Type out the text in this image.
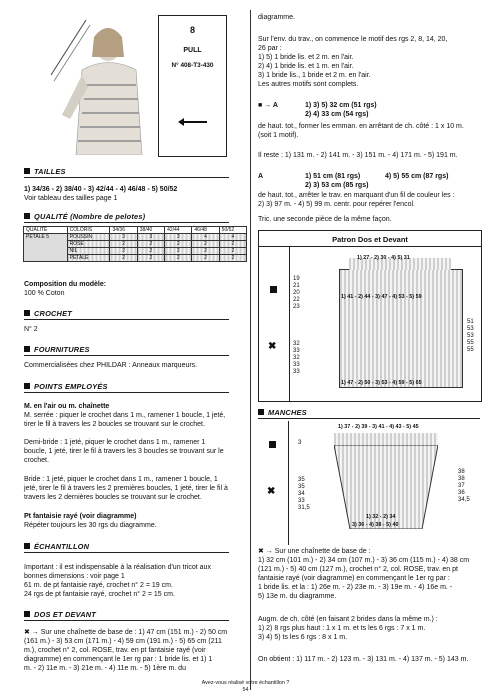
8
PULL
N° 408-T3-430
TAILLES
1) 34/36 - 2) 38/40 - 3) 42/44 - 4) 46/48 - 5) 50/52
Voir tableau des tailles page 1
QUALITÉ (Nombre de pelotes)
QUALITÉ	COLORIS	34/36	38/40	42/44	46/48	50/52
PETALE 5	POUSSIN	3	3	3	4	4
	ROSE	2	2	2	2	2
	NIL	2	2	2	2	2
	PÉTALE	2	2	2	2	2
Composition du modèle:
100 % Coton
CROCHET
N° 2
FOURNITURES
Commercialisées chez PHILDAR : Anneaux marqueurs.
POINTS EMPLOYÉS
M. en l'air ou m. chaînette
M. serrée : piquer le crochet dans 1 m., ramener 1 boucle, 1 jeté,
tirer le fil à travers les 2 boucles se trouvant sur le crochet.
Demi-bride : 1 jeté, piquer le crochet dans 1 m., ramener 1
boucle, 1 jeté, tirer le fil à travers les 3 boucles se trouvant sur le
crochet.
Bride : 1 jeté, piquer le crochet dans 1 m., ramener 1 boucle, 1
jeté, tirer le fil à travers les 2 premières boucles, 1 jeté, tirer le fil à
travers les 2 dernières boucles se trouvant sur le crochet.
Pt fantaisie rayé (voir diagramme)
Répéter toujours les 30 rgs du diagramme.
ÉCHANTILLON
Important : il est indispensable à la réalisation d'un tricot aux
bonnes dimensions : voir page 1
61 m. de pt fantaisie rayé, crochet n° 2 = 19 cm.
24 rgs de pt fantaisie rayé, crochet n° 2 = 15 cm.
DOS ET DEVANT
✖ → Sur une chaînette de base de : 1) 47 cm (151 m.) - 2) 50 cm
(161 m.) - 3) 53 cm (171 m.) - 4) 59 cm (191 m.) - 5) 65 cm (211
m.), crochet n° 2, col. ROSE, trav. en pt fantaisie rayé (voir
diagramme) en commençant le 1er rg par : 1 bride lis. et 1) 1
m. - 2) 11e m. - 3) 21e m. - 4) 11e m. - 5) 1ère m. du
diagramme.
Sur l'env. du trav., on commence le motif des rgs 2, 8, 14, 20,
26 par :
1) 5) 1 bride lis. et 2 m. en l'air.
2) 4) 1 bride lis. et 1 m. en l'air.
3) 1 bride lis., 1 bride et 2 m. en l'air.
Les autres motifs sont complets.
■ → A	1) 3) 5) 32 cm (51 rgs)
2) 4) 33 cm (54 rgs)
de haut. tot., former les emman. en arrêtant de ch. côté : 1 x 10 m.
(soit 1 motif).
Il reste : 1) 131 m. - 2) 141 m. - 3) 151 m. - 4) 171 m. - 5) 191 m.
A	1) 51 cm (81 rgs)	4) 5) 55 cm (87 rgs)
2) 3) 53 cm (85 rgs)
de haut. tot., arrêter le trav. en marquant d'un fil de couleur les :
2) 3) 97 m. - 4) 5) 99 m. centr. pour repérer l'encol.
Tric. une seconde pièce de la même façon.
Patron Dos et Devant
✖
1) 27 - 2) 30 - 4) 5) 31
1) 41 - 2) 44 - 3) 47 - 4) 53 - 5) 59
1) 47 - 2) 50 - 3) 53 - 4) 59 - 5) 65
19
21
20
22
23
32
33
32
33
33
51
53
53
55
55
MANCHES
✖
1) 37 - 2) 39 - 3) 41 - 4) 43 - 5) 45
3
35
35
34
33
31,5
38
38
37
36
34,5
1) 32 - 2) 34
3) 36 - 4) 38 - 5) 40
✖ → Sur une chaînette de base de :
1) 32 cm (101 m.) - 2) 34 cm (107 m.) - 3) 36 cm (115 m.) - 4) 38 cm
(121 m.) - 5) 40 cm (127 m.), crochet n° 2, col. ROSE, trav. en pt
fantaisie rayé (voir diagramme) en commençant le 1er rg par :
1 bride lis. et la : 1) 26e m. - 2) 23e m. - 3) 19e m. - 4) 16e m. -
5) 13e m. du diagramme.
Augm. de ch. côté (en faisant 2 brides dans la même m.) :
1) 2) 8 rgs plus haut : 1 x 1 m. et ts les 6 rgs : 7 x 1 m.
3) 4) 5) ts les 6 rgs : 8 x 1 m.
On obtient : 1) 117 m. - 2) 123 m. - 3) 131 m. - 4) 137 m. - 5) 143 m.
Avez-vous réalisé votre échantillon ?
54
